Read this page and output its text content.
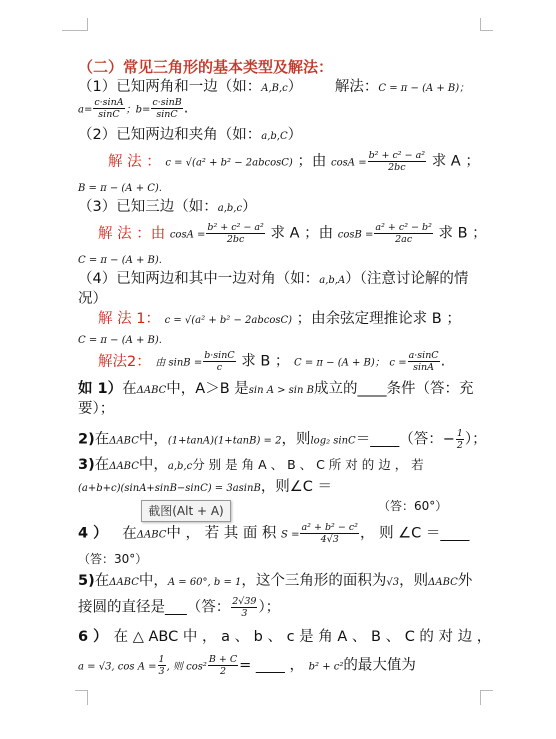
（二）常见三角形的基本类型及解法：
（1）已知两角和一边（如：A,B,c） 解法：C = π − (A + B)；
$a= \frac{c\cdot\sin A}{\sin C}$ ；$b= \frac{c\cdot\sin B}{\sin C}$ .
（2）已知两边和夹角（如：a,b,C）
解 法 ： c = √(a² + b² − 2abcosC) ；由 $\cos A = \frac{\text{b² + c² − a²}}{2bc}$ 求 A ；
B = π − (A + C).
（3）已知三边（如：a,b,c）
解 法 ：由 $\cos A = \frac{\text{b² + c² − a²}}{2bc}$ 求 A ；由 $\cos B = \frac{\text{a² + c² − b²}}{2ac}$ 求 B ；
C = π − (A + B).
（4）已知两边和其中一边对角（如：a,b,A）（注意讨论解的情
况）
解 法 1： c = √(a² + b² − 2abcosC) ；由余弦定理推论求 B ；
C = π − (A + B).
解法2： 由 $\sin B = \frac{b\cdot\sin C}{c}$ 求 B ； C = π − (A + B)； $c = \frac{a\cdot\sin C}{\sin A}$ .
如 1）在ΔABC中，A＞B 是sin A > sin B成立的____条件（答：充
要）；
2)在ΔABC中，(1+tanA)(1+tanB) = 2，则log₂ sinC＝____（答：− $\frac{1}{2}$ ）；
3)在ΔABC中，a,b,c分 别 是 角 A 、 B 、 C 所 对 的 边 ， 若
(a+b+c)(sinA+sinB−sinC) = 3asinB，则∠C ＝
（答：60°）
截图(Alt + A)
4 ） 在ΔABC中 ， 若 其 面 积 $S = \frac{\text{a² + b² − c²}}{4√3}$ ， 则 ∠C ＝____
（答：30°）
5)在ΔABC中，A = 60°, b = 1，这个三角形的面积为√3，则ΔABC外
接圆的直径是___（答： $\frac{2√39}{3}$ ）；
6 ） 在 △ ABC 中 ， a 、 b 、 c 是 角 A 、 B 、 C 的 对 边 ，
a = √3, $\cos A = \frac{1}{3}$ , 则 $\cos^2 \frac{B + C}{2}$ = ____ ， b² + c²的最大值为
